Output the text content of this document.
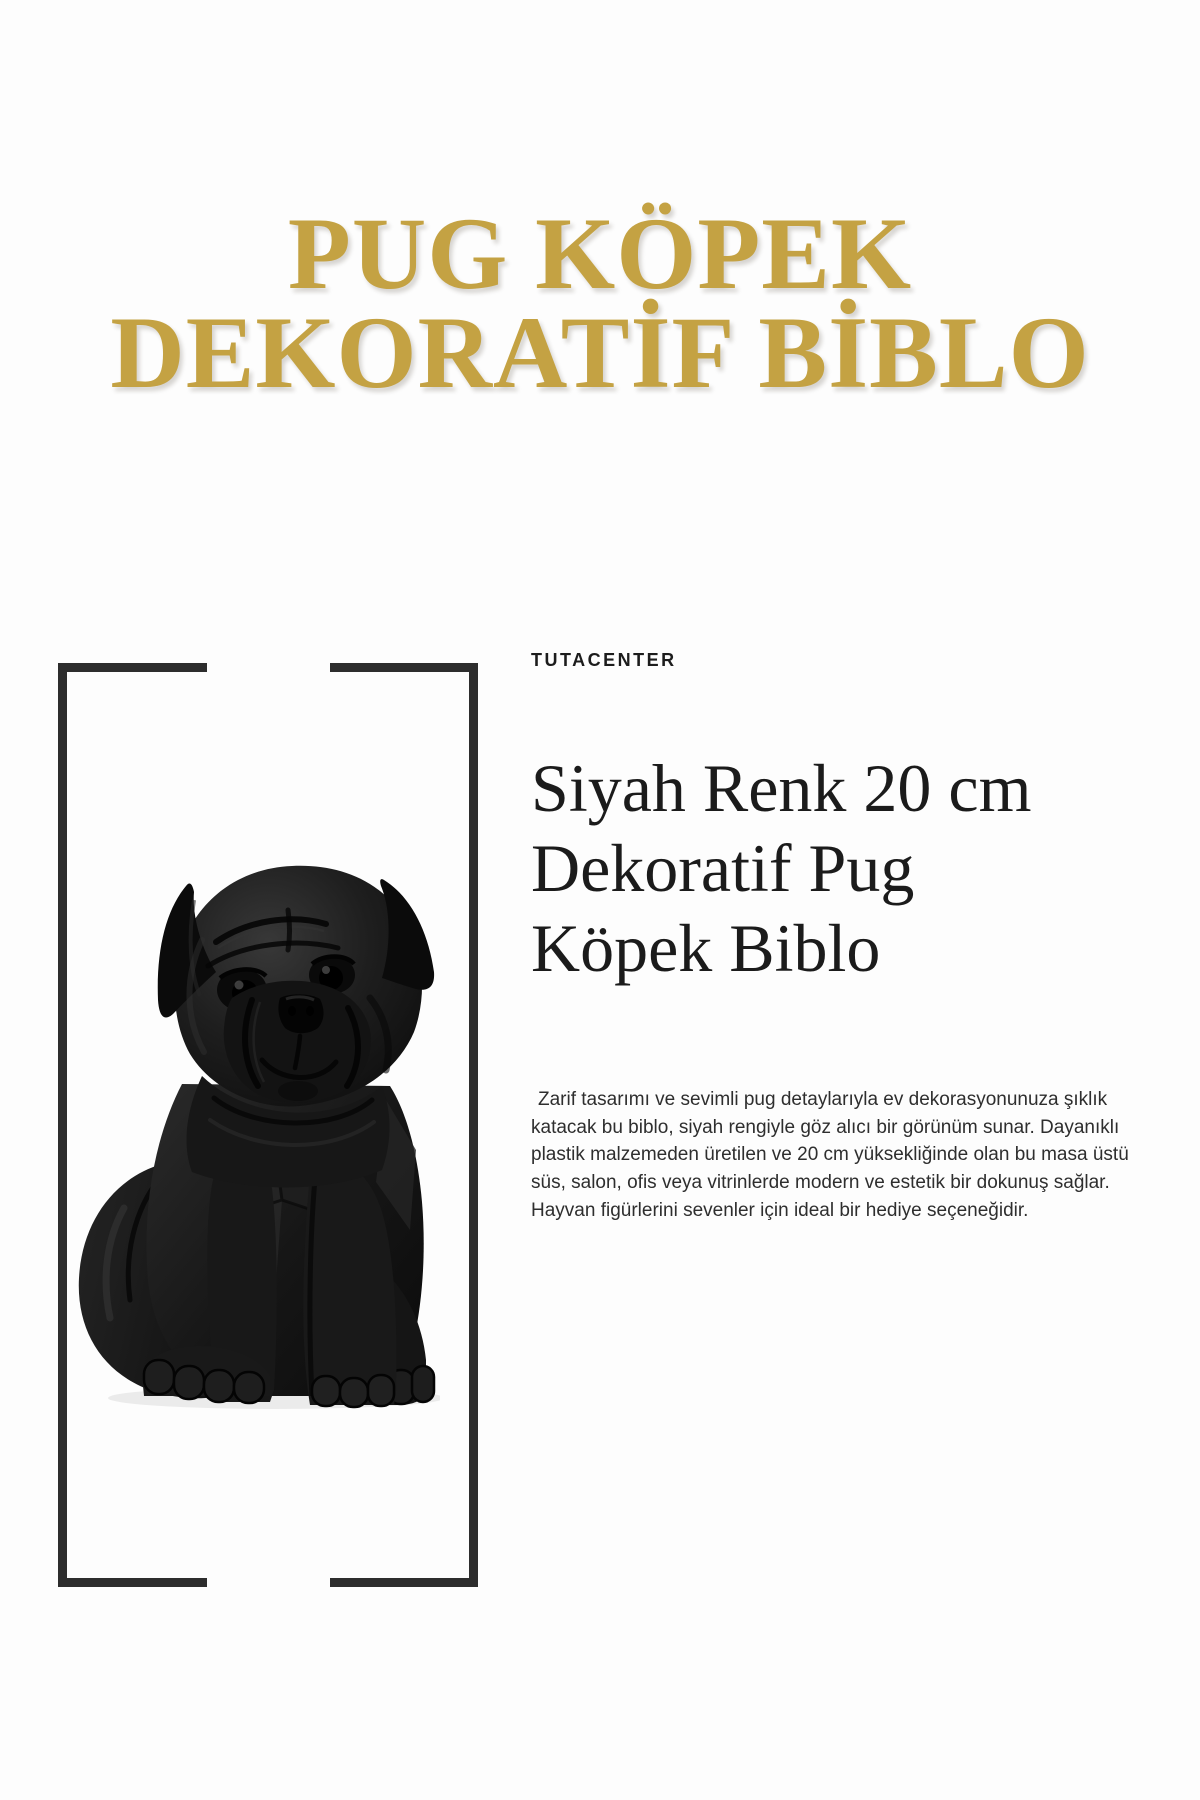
PUG KÖPEK
DEKORATİF BİBLO
TUTACENTER
Siyah Renk 20 cm
Dekoratif Pug
Köpek Biblo

Zarif tasarımı ve sevimli pug detaylarıyla ev dekorasyonunuza şıklık katacak bu biblo, siyah rengiyle göz alıcı bir görünüm sunar. Dayanıklı plastik malzemeden üretilen ve 20 cm yüksekliğinde olan bu masa üstü süs, salon, ofis veya vitrinlerde modern ve estetik bir dokunuş sağlar. Hayvan figürlerini sevenler için ideal bir hediye seçeneğidir.
